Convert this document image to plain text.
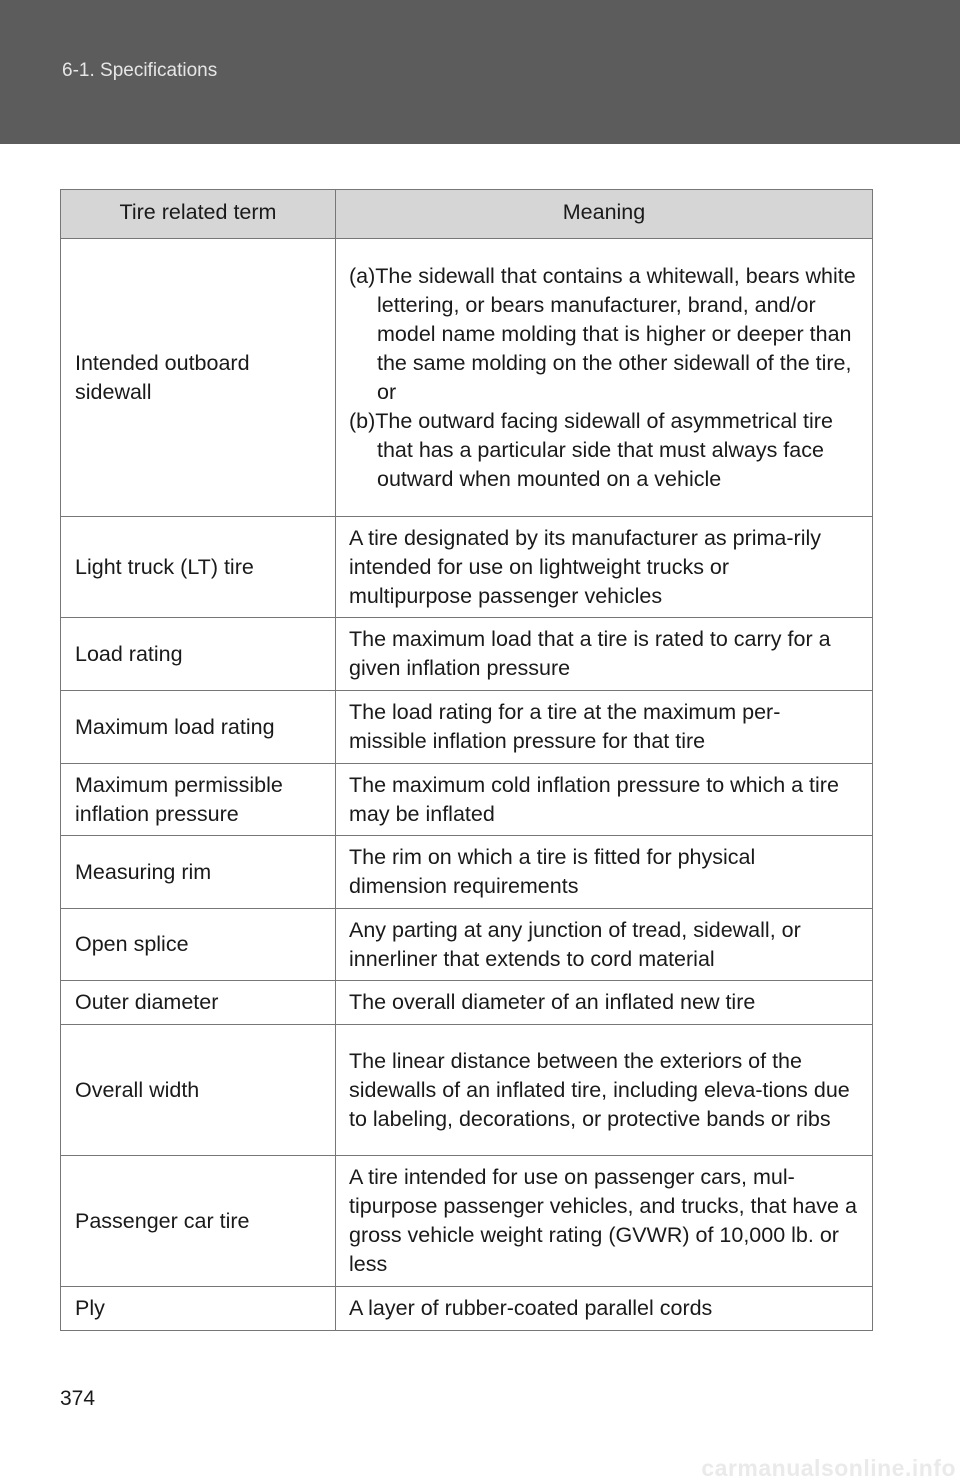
6-1. Specifications
Tire related term	Meaning
Intended outboard sidewall	(a)The sidewall that contains a whitewall, bears white lettering, or bears manufacturer, brand, and/or model name molding that is higher or deeper than the same molding on the other sidewall of the tire, or
(b)The outward facing sidewall of asymmetrical tire that has a particular side that must always face outward when mounted on a vehicle

Light truck (LT) tire	A tire designated by its manufacturer as prima-rily intended for use on lightweight trucks or multipurpose passenger vehicles
Load rating	The maximum load that a tire is rated to carry for a given inflation pressure
Maximum load rating	The load rating for a tire at the maximum per-missible inflation pressure for that tire
Maximum permissible inflation pressure	The maximum cold inflation pressure to which a tire may be inflated
Measuring rim	The rim on which a tire is fitted for physical dimension requirements
Open splice	Any parting at any junction of tread, sidewall, or innerliner that extends to cord material
Outer diameter	The overall diameter of an inflated new tire
Overall width	The linear distance between the exteriors of the sidewalls of an inflated tire, including eleva-tions due to labeling, decorations, or protective bands or ribs
Passenger car tire	A tire intended for use on passenger cars, mul-tipurpose passenger vehicles, and trucks, that have a gross vehicle weight rating (GVWR) of 10,000 lb. or less
Ply	A layer of rubber-coated parallel cords
374
carmanualsonline.info
